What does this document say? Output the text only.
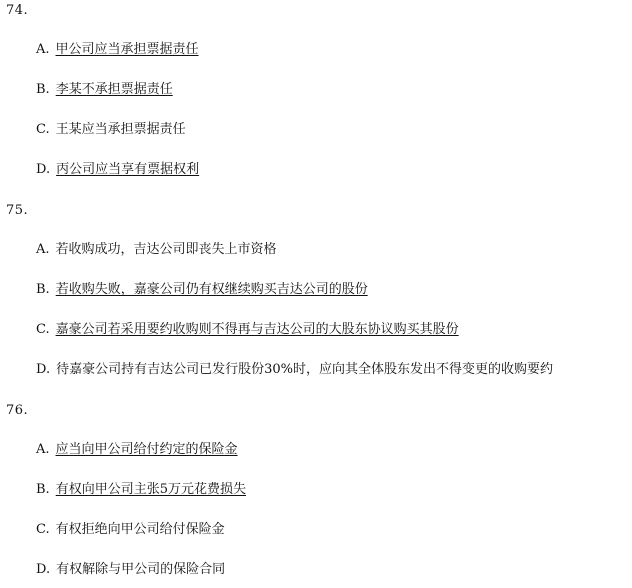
74.
A. 甲公司应当承担票据责任
B. 李某不承担票据责任
C. 王某应当承担票据责任
D. 丙公司应当享有票据权利
75.
A. 若收购成功，吉达公司即丧失上市资格
B. 若收购失败，嘉豪公司仍有权继续购买吉达公司的股份
C. 嘉豪公司若采用要约收购则不得再与吉达公司的大股东协议购买其股份
D. 待嘉豪公司持有吉达公司已发行股份30%时，应向其全体股东发出不得变更的收购要约
76.
A. 应当向甲公司给付约定的保险金
B. 有权向甲公司主张5万元花费损失
C. 有权拒绝向甲公司给付保险金
D. 有权解除与甲公司的保险合同
